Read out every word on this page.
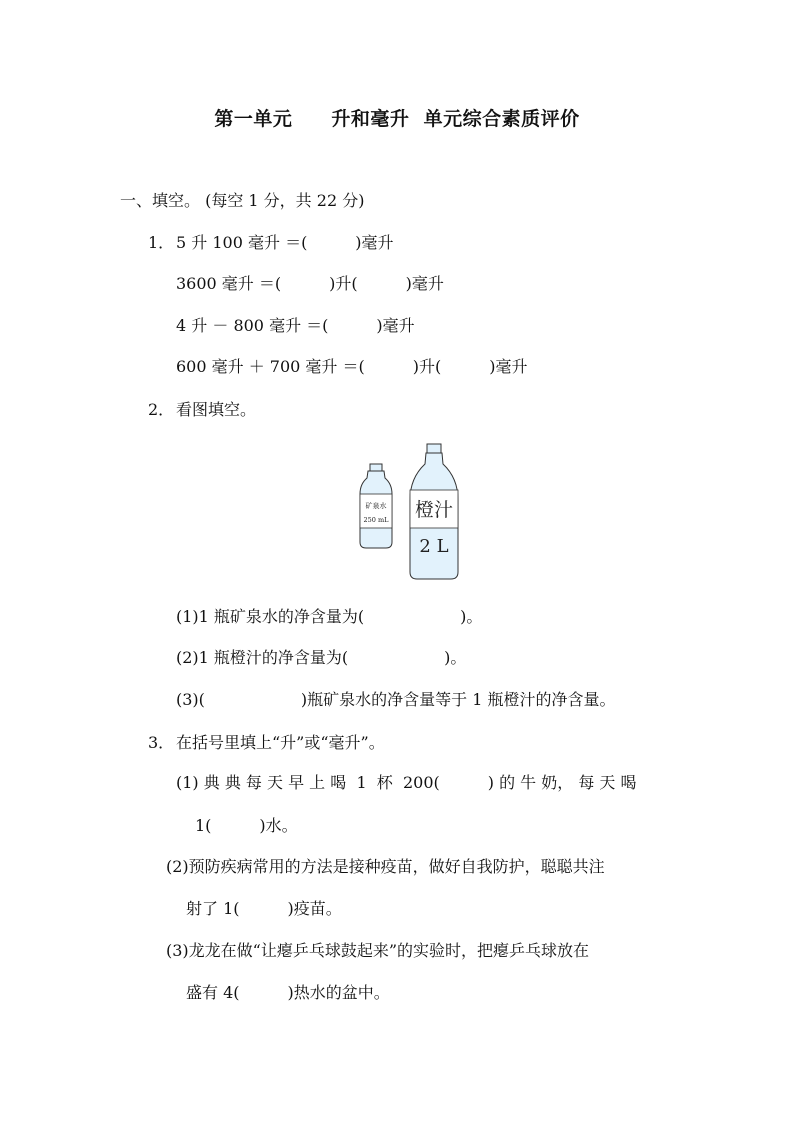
第一单元　　升和毫升  单元综合素质评价
一、填空。 (每空 1 分，共 22 分)
1． 5 升 100 毫升 ＝(　　　)毫升
3600 毫升 ＝(　　　)升(　　　)毫升
4 升 － 800 毫升 ＝(　　　)毫升
600 毫升 ＋ 700 毫升 ＝(　　　)升(　　　)毫升
2． 看图填空。
矿泉水
250 mL 橙汁
2 L
(1)1 瓶矿泉水的净含量为(　　　　　　)。
(2)1 瓶橙汁的净含量为(　　　　　　)。
(3)(　　　　　　)瓶矿泉水的净含量等于 1 瓶橙汁的净含量。
3． 在括号里填上“升”或“毫升”。
(1) 典 典 每 天 早 上 喝  1  杯  200(　　　) 的 牛 奶， 每 天 喝
1(　　　)水。
(2)预防疾病常用的方法是接种疫苗，做好自我防护，聪聪共注
射了 1(　　　)疫苗。
(3)龙龙在做“让瘪乒乓球鼓起来”的实验时，把瘪乒乓球放在
盛有 4(　　　)热水的盆中。
